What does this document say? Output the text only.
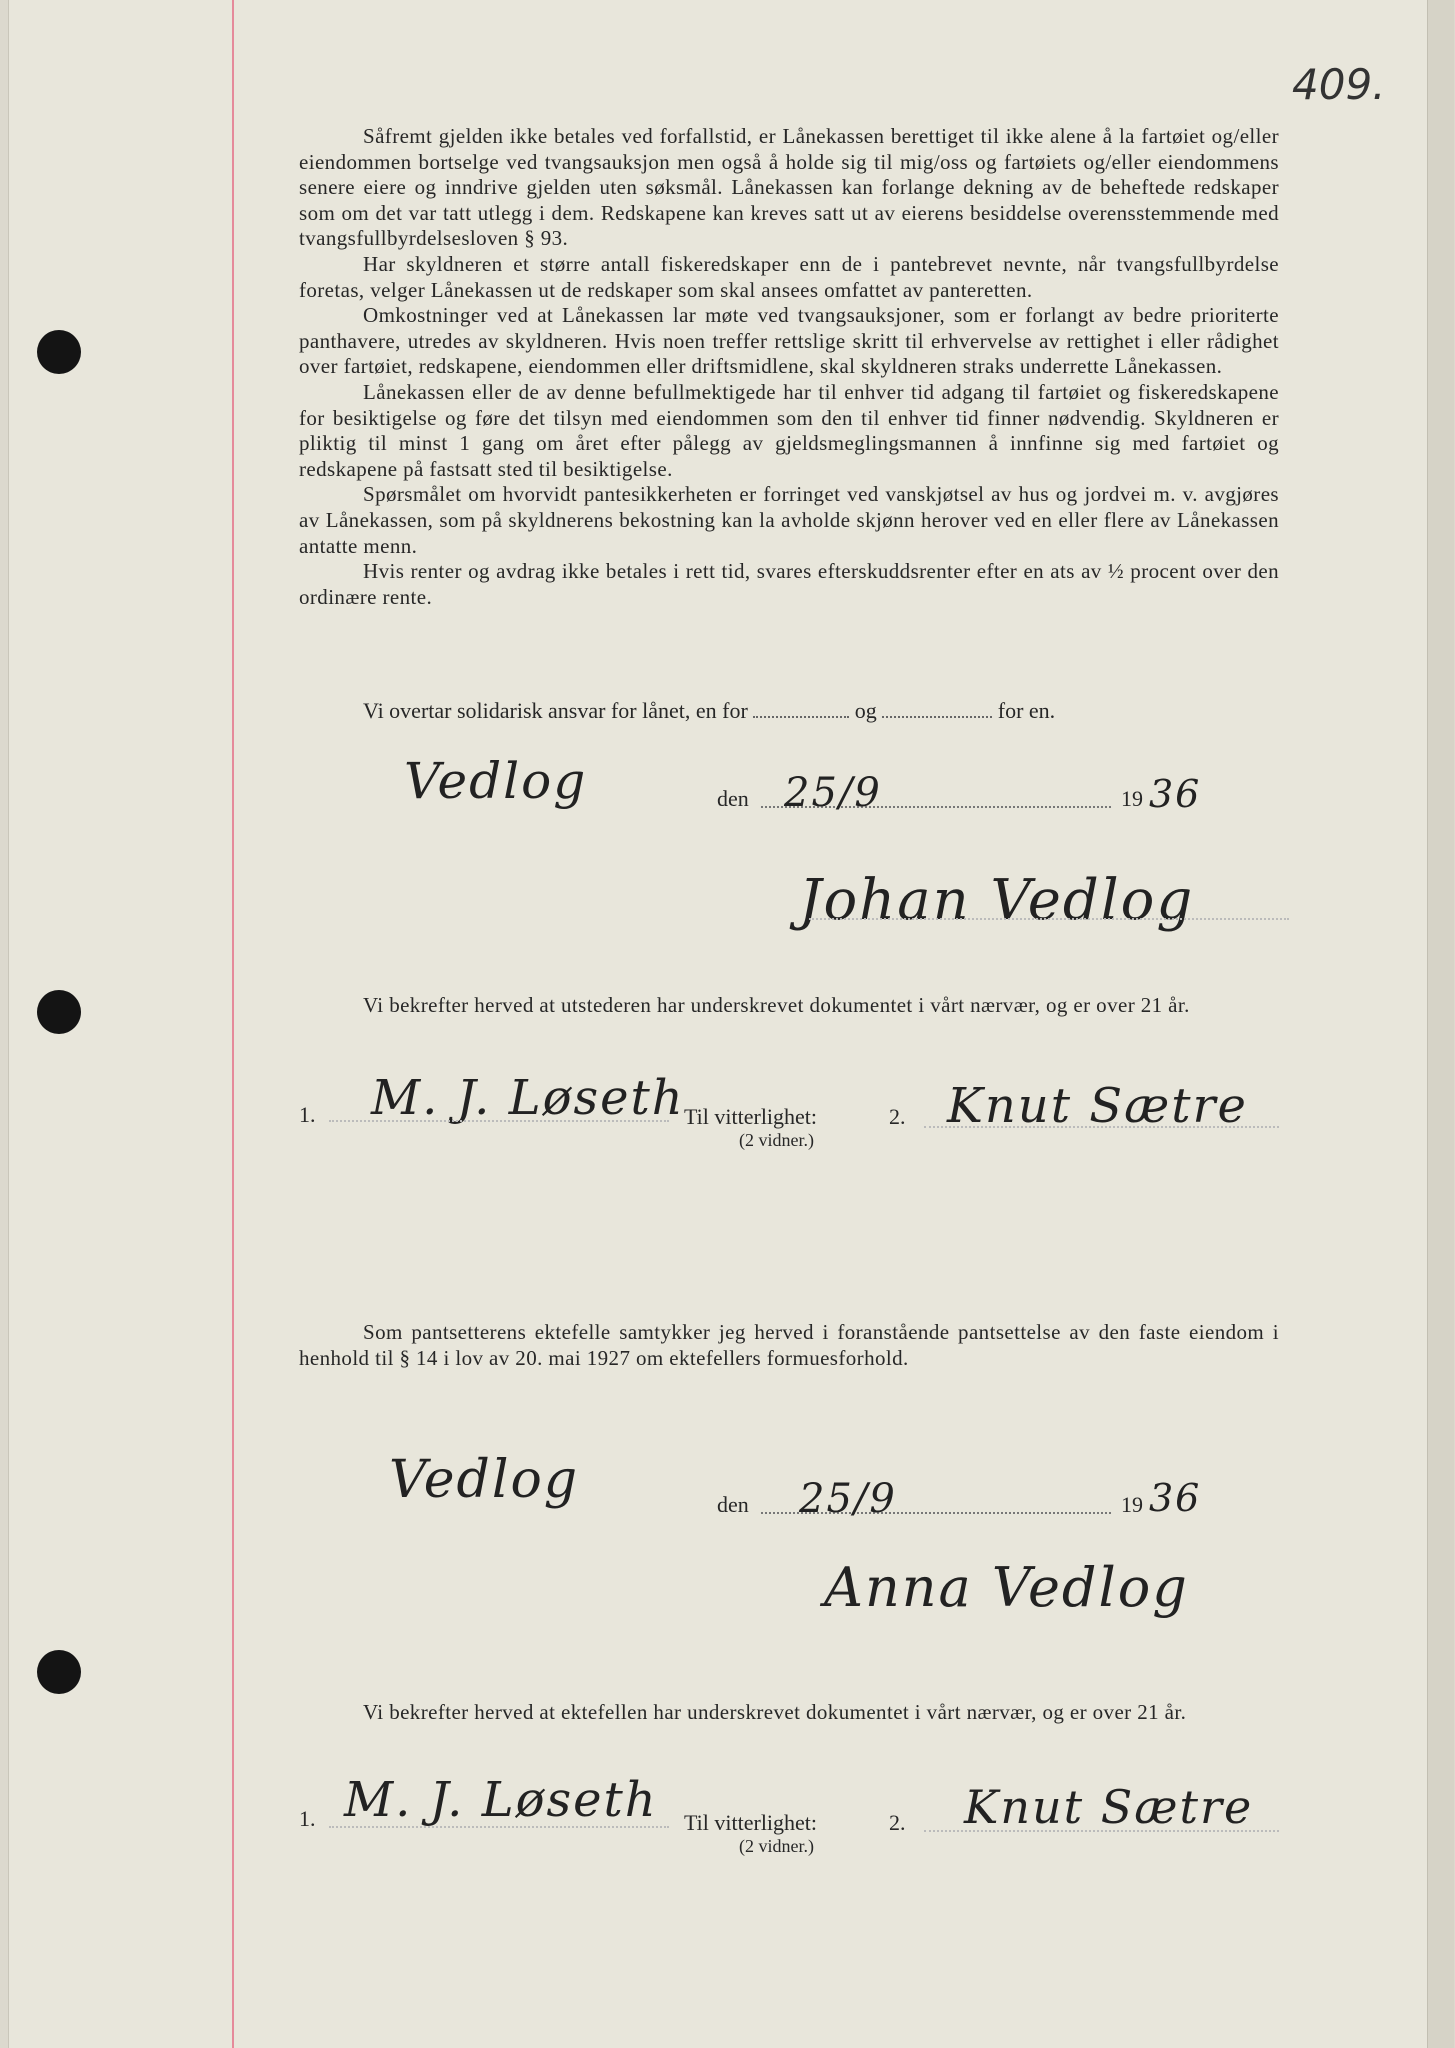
409.

Såfremt gjelden ikke betales ved forfallstid, er Lånekassen berettiget til ikke alene å la fartøiet og/eller eiendommen bortselge ved tvangsauksjon men også å holde sig til mig/oss og fartøiets og/eller eiendommens senere eiere og inndrive gjelden uten søksmål. Lånekassen kan forlange dekning av de beheftede redskaper som om det var tatt utlegg i dem. Redskapene kan kreves satt ut av eierens besiddelse overensstemmende med tvangsfullbyrdelsesloven § 93.

Har skyldneren et større antall fiskeredskaper enn de i pantebrevet nevnte, når tvangsfullbyrdelse foretas, velger Lånekassen ut de redskaper som skal ansees omfattet av panteretten.

Omkostninger ved at Lånekassen lar møte ved tvangsauksjoner, som er forlangt av bedre prioriterte panthavere, utredes av skyldneren. Hvis noen treffer rettslige skritt til erhvervelse av rettighet i eller rådighet over fartøiet, redskapene, eiendommen eller driftsmidlene, skal skyldneren straks underrette Lånekassen.

Lånekassen eller de av denne befullmektigede har til enhver tid adgang til fartøiet og fiskeredskapene for besiktigelse og føre det tilsyn med eiendommen som den til enhver tid finner nødvendig. Skyldneren er pliktig til minst 1 gang om året efter pålegg av gjeldsmeglingsmannen å innfinne sig med fartøiet og redskapene på fastsatt sted til besiktigelse.

Spørsmålet om hvorvidt pantesikkerheten er forringet ved vanskjøtsel av hus og jordvei m. v. avgjøres av Lånekassen, som på skyldnerens bekostning kan la avholde skjønn herover ved en eller flere av Lånekassen antatte menn.

Hvis renter og avdrag ikke betales i rett tid, svares efterskuddsrenter efter en ats av ½ procent over den ordinære rente.

Vi overtar solidarisk ansvar for lånet, en for	og	for en.
Vedlog	den 25/9	19 36
Johan Vedlog
Vi bekrefter herved at utstederen har underskrevet dokumentet i vårt nærvær, og er over 21 år.
1. M. J. Løseth Til vitterlighet:
(2 vidner.)
2. Knut Sætre
Som pantsetterens ektefelle samtykker jeg herved i foranstående pantsettelse av den faste eiendom i henhold til § 14 i lov av 20. mai 1927 om ektefellers formuesforhold.
Vedlog	den 25/9	19 36
Anna Vedlog
Vi bekrefter herved at ektefellen har underskrevet dokumentet i vårt nærvær, og er over 21 år.
1. M. J. Løseth Til vitterlighet:
(2 vidner.)
2. Knut Sætre
